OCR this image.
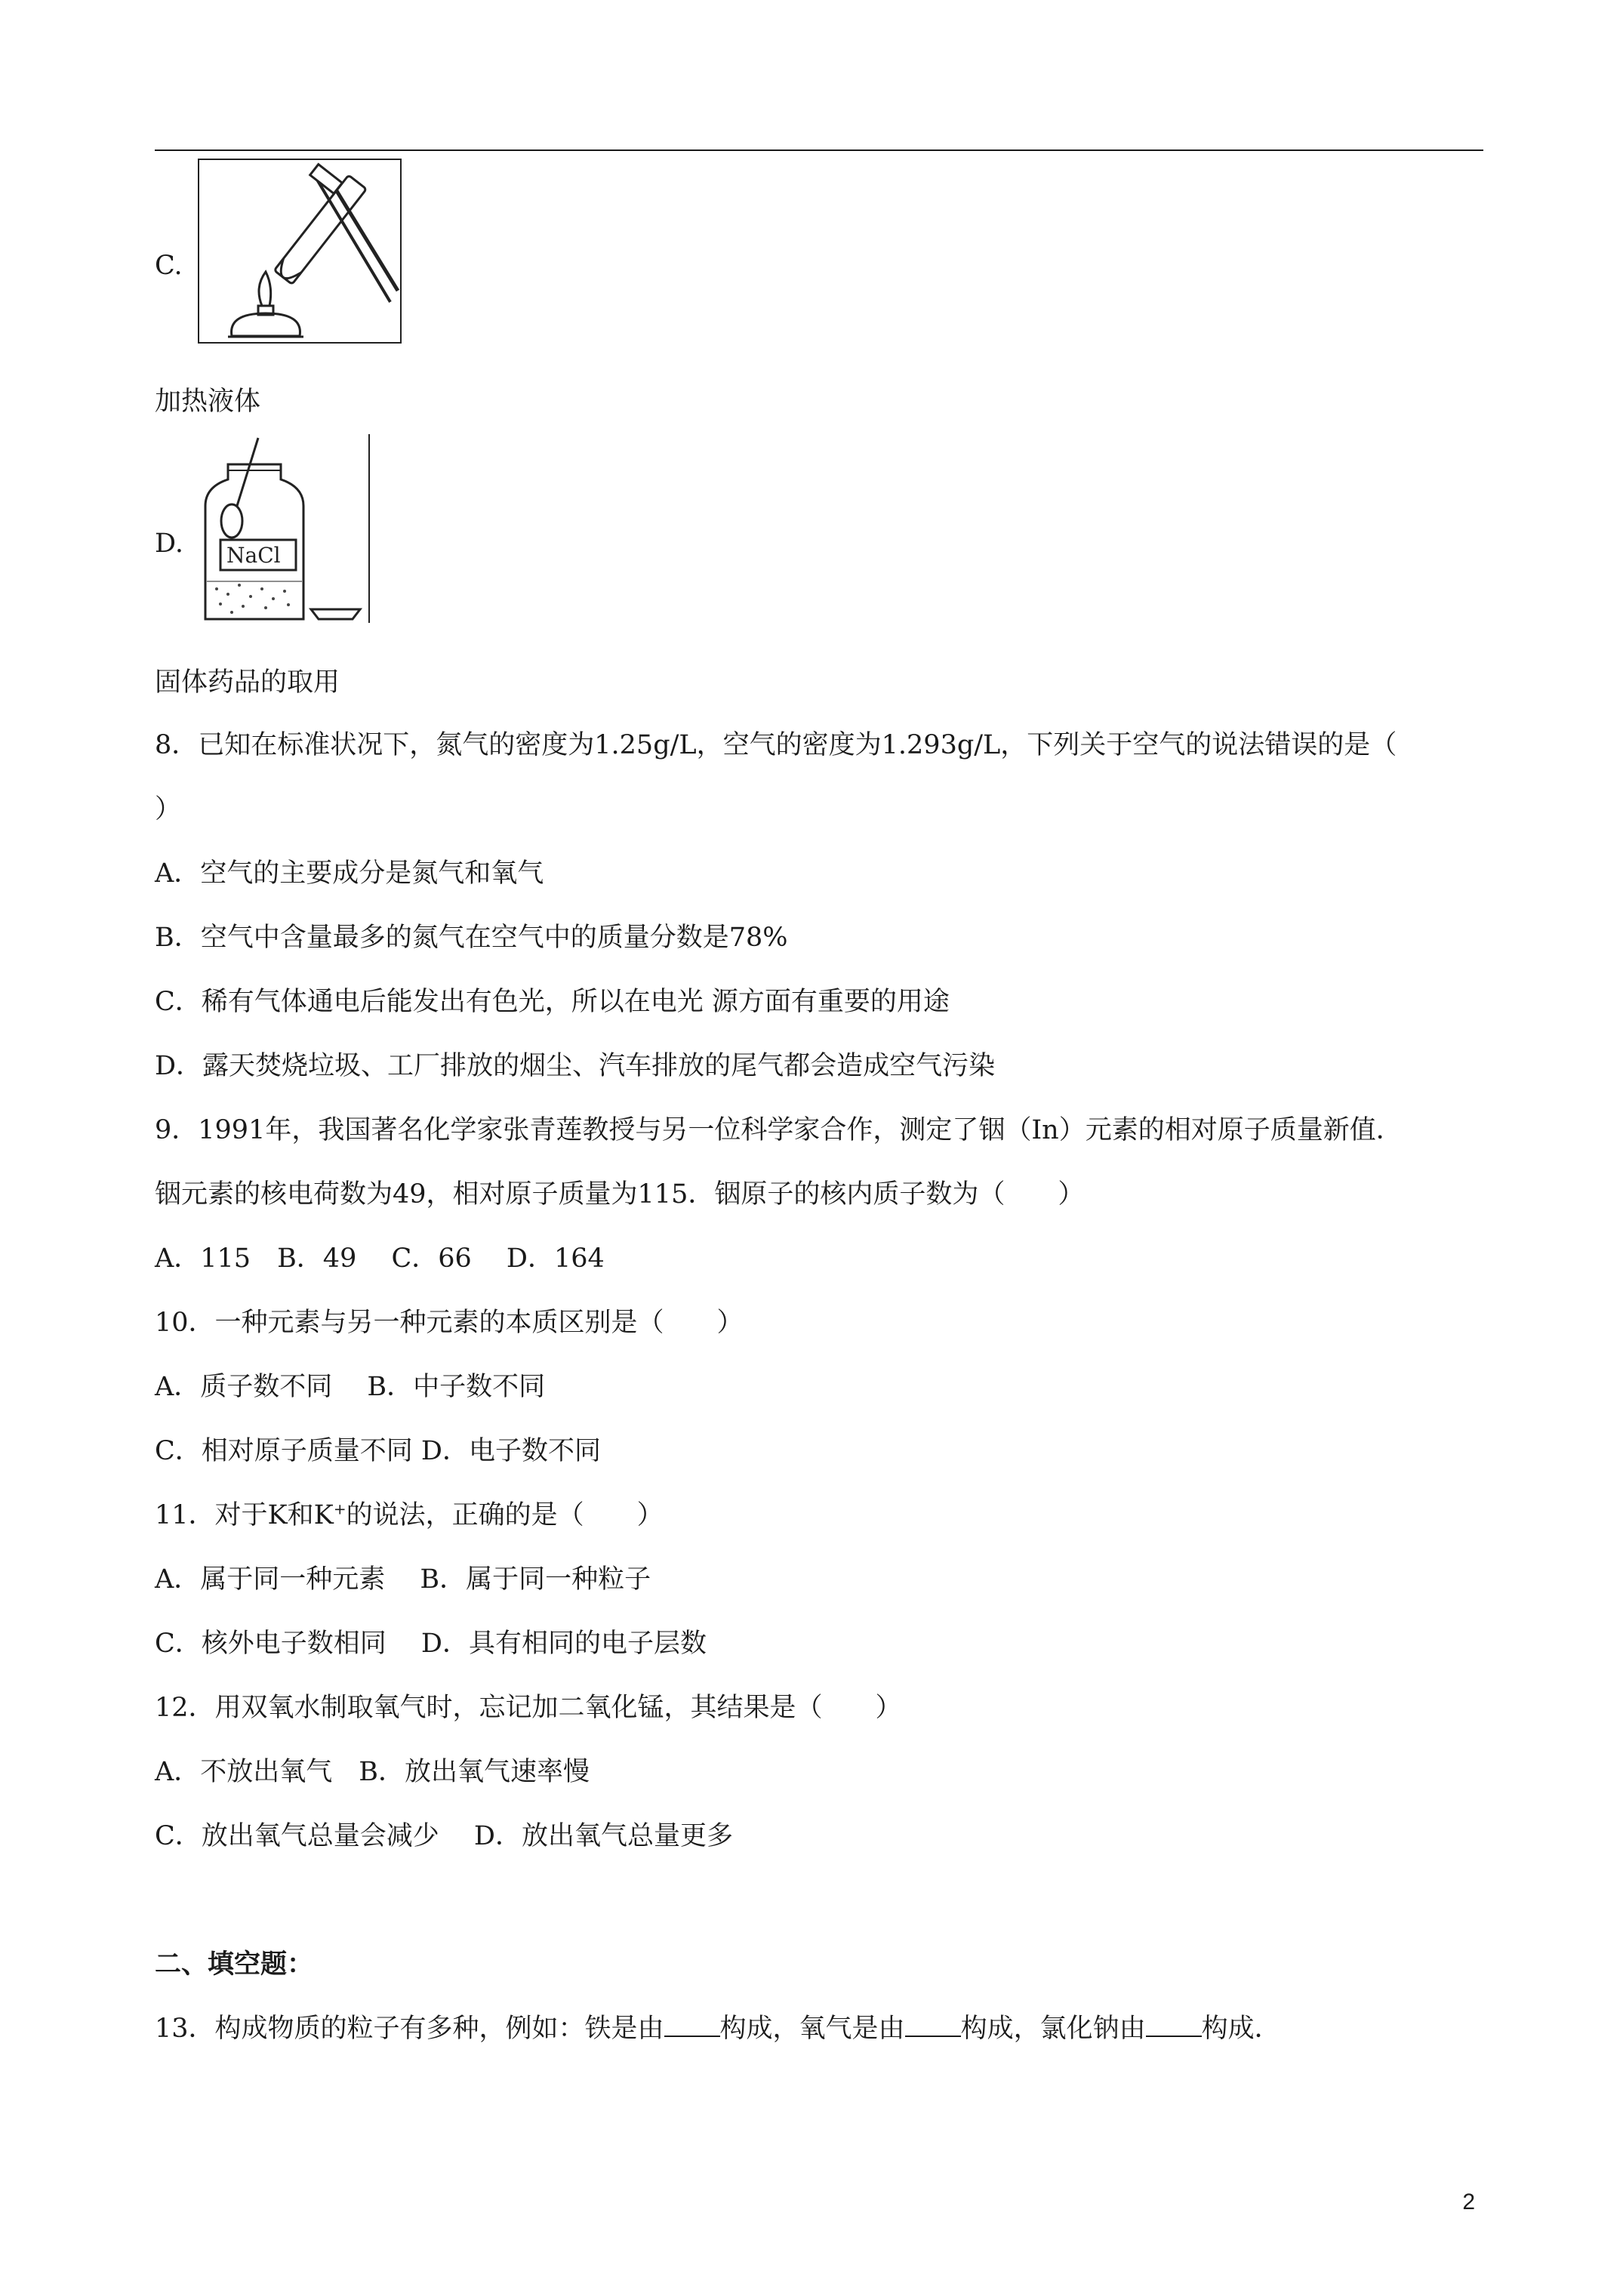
C.
加热液体
D. NaCl
固体药品的取用
8．已知在标准状况下，氮气的密度为1.25g/L，空气的密度为1.293g/L，下列关于空气的说法错误的是（
）
A．空气的主要成分是氮气和氧气
B．空气中含量最多的氮气在空气中的质量分数是78%
C．稀有气体通电后能发出有色光，所以在电光 源方面有重要的用途
D．露天焚烧垃圾、工厂排放的烟尘、汽车排放的尾气都会造成空气污染
9．1991年，我国著名化学家张青莲教授与另一位科学家合作，测定了铟（In）元素的相对原子质量新值．
铟元素的核电荷数为49，相对原子质量为115．铟原子的核内质子数为（　　）
A．115　B．49　 C．66　 D．164
10．一种元素与另一种元素的本质区别是（　　）
A．质子数不同　 B．中子数不同
C．相对原子质量不同 D．电子数不同
11．对于K和K+的说法，正确的是（　　）
A．属于同一种元素　 B．属于同一种粒子
C．核外电子数相同　 D．具有相同的电子层数
12．用双氧水制取氧气时，忘记加二氧化锰，其结果是（　　）
A．不放出氧气　B．放出氧气速率慢
C．放出氧气总量会减少　 D．放出氧气总量更多
二、填空题：
13．构成物质的粒子有多种，例如：铁是由 构成，氧气是由 构成，氯化钠由 构成．
2
